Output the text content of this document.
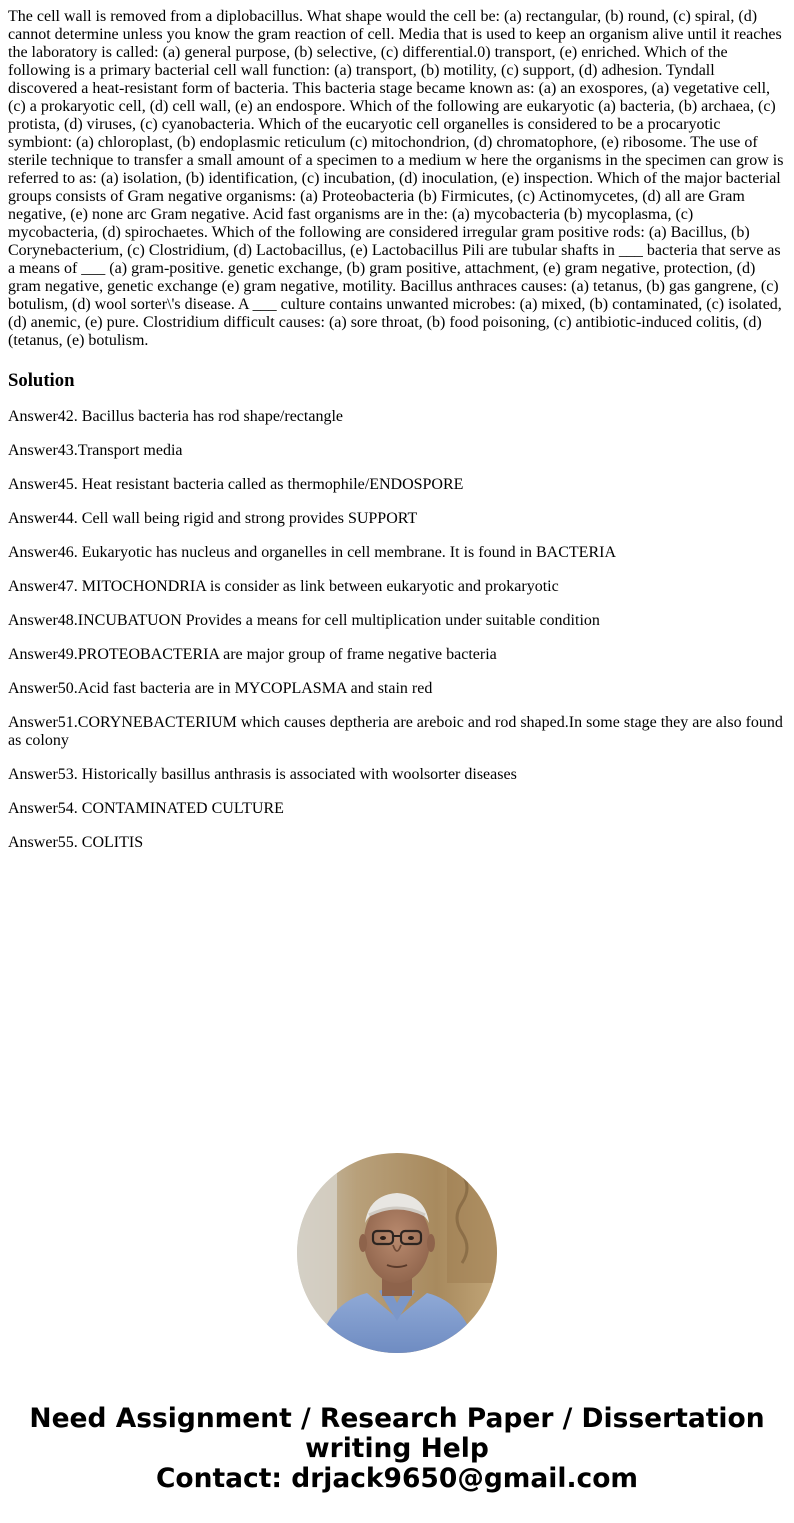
The cell wall is removed from a diplobacillus. What shape would the cell be: (a) rectangular, (b) round, (c) spiral, (d) cannot determine unless you know the gram reaction of cell. Media that is used to keep an organism alive until it reaches the laboratory is called: (a) general purpose, (b) selective, (c) differential.0) transport, (e) enriched. Which of the following is a primary bacterial cell wall function: (a) transport, (b) motility, (c) support, (d) adhesion. Tyndall discovered a heat-resistant form of bacteria. This bacteria stage became known as: (a) an exospores, (a) vegetative cell, (c) a prokaryotic cell, (d) cell wall, (e) an endospore. Which of the following are eukaryotic (a) bacteria, (b) archaea, (c) protista, (d) viruses, (c) cyanobacteria. Which of the eucaryotic cell organelles is considered to be a procaryotic symbiont: (a) chloroplast, (b) endoplasmic reticulum (c) mitochondrion, (d) chromatophore, (e) ribosome. The use of sterile technique to transfer a small amount of a specimen to a medium w here the organisms in the specimen can grow is referred to as: (a) isolation, (b) identification, (c) incubation, (d) inoculation, (e) inspection. Which of the major bacterial groups consists of Gram negative organisms: (a) Proteobacteria (b) Firmicutes, (c) Actinomycetes, (d) all are Gram negative, (e) none arc Gram negative. Acid fast organisms are in the: (a) mycobacteria (b) mycoplasma, (c) mycobacteria, (d) spirochaetes. Which of the following are considered irregular gram positive rods: (a) Bacillus, (b) Corynebacterium, (c) Clostridium, (d) Lactobacillus, (e) Lactobacillus Pili are tubular shafts in ___ bacteria that serve as a means of ___ (a) gram-positive. genetic exchange, (b) gram positive, attachment, (e) gram negative, protection, (d) gram negative, genetic exchange (e) gram negative, motility. Bacillus anthraces causes: (a) tetanus, (b) gas gangrene, (c) botulism, (d) wool sorter\'s disease. A ___ culture contains unwanted microbes: (a) mixed, (b) contaminated, (c) isolated, (d) anemic, (e) pure. Clostridium difficult causes: (a) sore throat, (b) food poisoning, (c) antibiotic-induced colitis, (d) (tetanus, (e) botulism.

Solution

Answer42. Bacillus bacteria has rod shape/rectangle

Answer43.Transport media

Answer45. Heat resistant bacteria called as thermophile/ENDOSPORE

Answer44. Cell wall being rigid and strong provides SUPPORT

Answer46. Eukaryotic has nucleus and organelles in cell membrane. It is found in BACTERIA

Answer47. MITOCHONDRIA is consider as link between eukaryotic and prokaryotic

Answer48.INCUBATUON Provides a means for cell multiplication under suitable condition

Answer49.PROTEOBACTERIA are major group of frame negative bacteria

Answer50.Acid fast bacteria are in MYCOPLASMA and stain red

Answer51.CORYNEBACTERIUM which causes deptheria are areboic and rod shaped.In some stage they are also found as colony

Answer53. Historically basillus anthrasis is associated with woolsorter diseases

Answer54. CONTAMINATED CULTURE

Answer55. COLITIS

Need Assignment / Research Paper / Dissertation
writing Help
Contact: drjack9650@gmail.com
